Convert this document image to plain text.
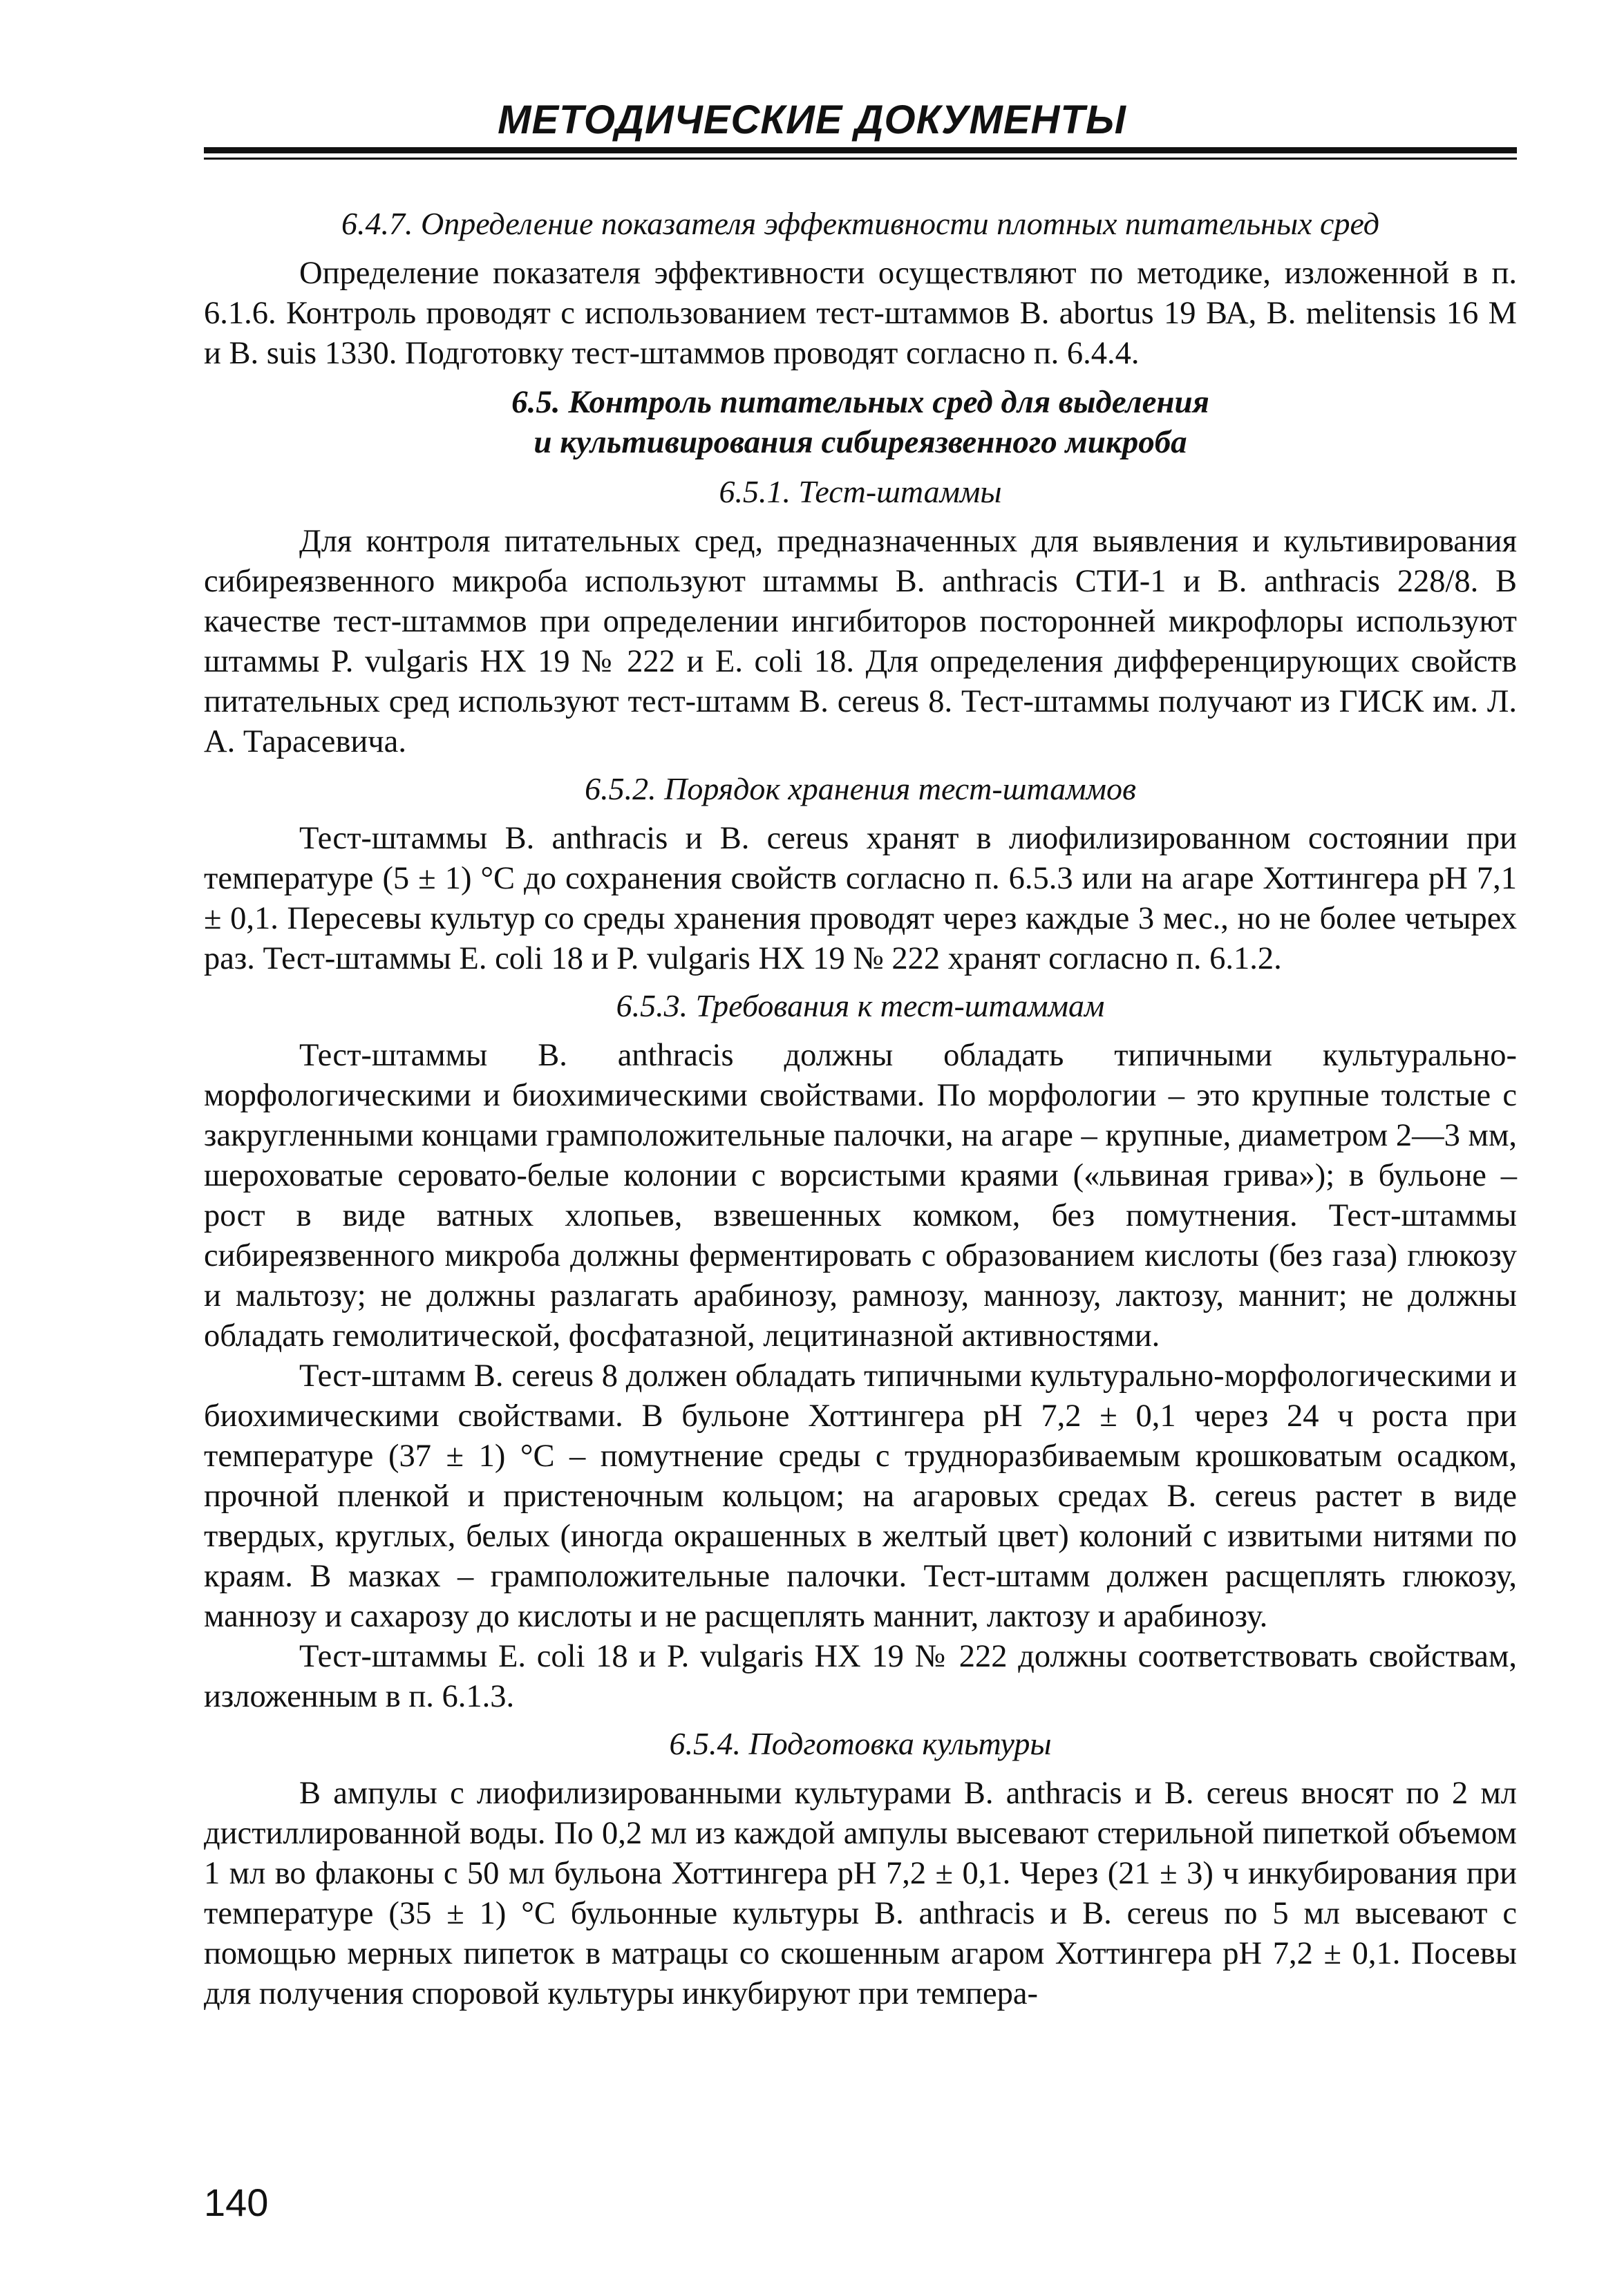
МЕТОДИЧЕСКИЕ ДОКУМЕНТЫ
6.4.7. Определение показателя эффективности плотных питательных сред

Определение показателя эффективности осуществляют по методике, изложенной в п. 6.1.6. Контроль проводят с использованием тест-штаммов B. abortus 19 ВА, B. melitensis 16 М и B. suis 1330. Подготовку тест-штаммов проводят согласно п. 6.4.4.

6.5. Контроль питательных сред для выделения
и культивирования сибиреязвенного микроба
6.5.1. Тест-штаммы

Для контроля питательных сред, предназначенных для выявления и культивирования сибиреязвенного микроба используют штаммы B. anthracis СТИ-1 и B. anthracis 228/8. В качестве тест-штаммов при определении ингибиторов посторонней микрофлоры используют штаммы P. vulgaris НХ 19 № 222 и E. coli 18. Для определения дифференцирующих свойств питательных сред используют тест-штамм B. cereus 8. Тест-штаммы получают из ГИСК им. Л. А. Тарасевича.

6.5.2. Порядок хранения тест-штаммов

Тест-штаммы B. anthracis и B. cereus хранят в лиофилизированном состоянии при температуре (5 ± 1) °С до сохранения свойств согласно п. 6.5.3 или на агаре Хоттингера рН 7,1 ± 0,1. Пересевы культур со среды хранения проводят через каждые 3 мес., но не более четырех раз. Тест-штаммы E. coli 18 и P. vulgaris НХ 19 № 222 хранят согласно п. 6.1.2.

6.5.3. Требования к тест-штаммам

Тест-штаммы B. anthracis должны обладать типичными культурально-морфологическими и биохимическими свойствами. По морфологии – это крупные толстые с закругленными концами грамположительные палочки, на агаре – крупные, диаметром 2—3 мм, шероховатые серовато-белые колонии с ворсистыми краями («львиная грива»); в бульоне – рост в виде ватных хлопьев, взвешенных комком, без помутнения. Тест-штаммы сибиреязвенного микроба должны ферментировать с образованием кислоты (без газа) глюкозу и мальтозу; не должны разлагать арабинозу, рамнозу, маннозу, лактозу, маннит; не должны обладать гемолитической, фосфатазной, лецитиназной активностями.

Тест-штамм B. cereus 8 должен обладать типичными культурально-морфологическими и биохимическими свойствами. В бульоне Хоттингера рН 7,2 ± 0,1 через 24 ч роста при температуре (37 ± 1) °С – помутнение среды с трудноразбиваемым крошковатым осадком, прочной пленкой и пристеночным кольцом; на агаровых средах B. cereus растет в виде твердых, круглых, белых (иногда окрашенных в желтый цвет) колоний с извитыми нитями по краям. В мазках – грамположительные палочки. Тест-штамм должен расщеплять глюкозу, маннозу и сахарозу до кислоты и не расщеплять маннит, лактозу и арабинозу.

Тест-штаммы E. coli 18 и P. vulgaris НХ 19 № 222 должны соответствовать свойствам, изложенным в п. 6.1.3.

6.5.4. Подготовка культуры

В ампулы с лиофилизированными культурами B. anthracis и B. cereus вносят по 2 мл дистиллированной воды. По 0,2 мл из каждой ампулы высевают стерильной пипеткой объемом 1 мл во флаконы с 50 мл бульона Хоттингера рН 7,2 ± 0,1. Через (21 ± 3) ч инкубирования при температуре (35 ± 1) °С бульонные культуры B. anthracis и B. cereus по 5 мл высевают с помощью мерных пипеток в матрацы со скошенным агаром Хоттингера рН 7,2 ± 0,1. Посевы для получения споровой культуры инкубируют при темпера-

140
